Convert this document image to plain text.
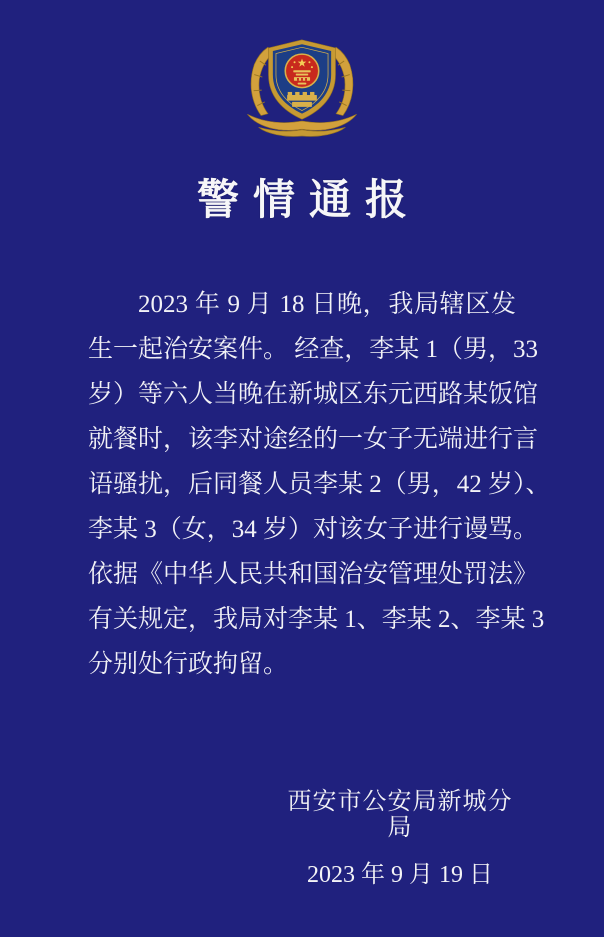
警情通报
2023 年 9 月 18 日晚，我局辖区发
生一起治安案件。 经查，李某 1（男，33
岁）等六人当晚在新城区东元西路某饭馆
就餐时，该李对途经的一女子无端进行言
语骚扰，后同餐人员李某 2（男，42 岁）、
李某 3（女，34 岁）对该女子进行谩骂。
依据《中华人民共和国治安管理处罚法》
有关规定，我局对李某 1、李某 2、李某 3
分别处行政拘留。
西安市公安局新城分局
2023 年 9 月 19 日
